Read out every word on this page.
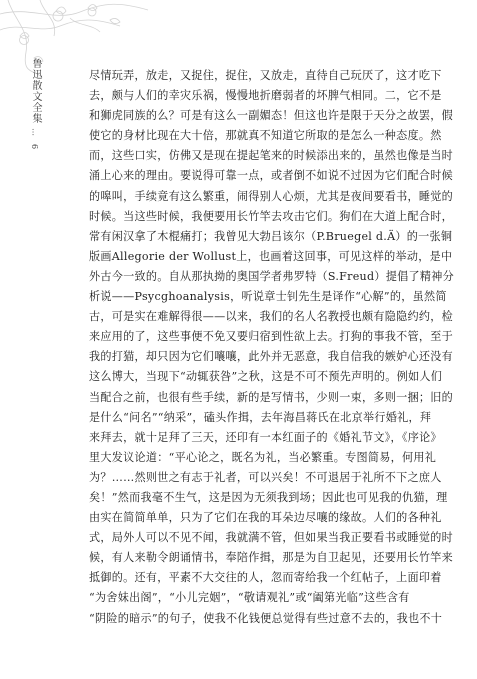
鲁迅散文全集
…
6
尽情玩弄，放走，又捉住，捉住，又放走，直待自己玩厌了，这才吃下
去，颇与人们的幸灾乐祸，慢慢地折磨弱者的坏脾气相同。二，它不是
和狮虎同族的么？可是有这么一副媚态！但这也许是限于天分之故罢，假
使它的身材比现在大十倍，那就真不知道它所取的是怎么一种态度。然
而，这些口实，仿佛又是现在提起笔来的时候添出来的，虽然也像是当时
涌上心来的理由。要说得可靠一点，或者倒不如说不过因为它们配合时候
的嗥叫，手续竟有这么繁重，闹得别人心烦，尤其是夜间要看书，睡觉的
时候。当这些时候，我便要用长竹竿去攻击它们。狗们在大道上配合时，
常有闲汉拿了木棍痛打；我曾见大勃吕该尔（P.Bruegel d.Ä）的一张铜
版画Allegorie der Wollust上，也画着这回事，可见这样的举动，是中
外古今一致的。自从那执拗的奥国学者弗罗特（S.Freud）提倡了精神分
析说——Psycghoanalysis，听说章士钊先生是译作“心解”的，虽然简
古，可是实在难解得很——以来，我们的名人名教授也颇有隐隐约约，检
来应用的了，这些事便不免又要归宿到性欲上去。打狗的事我不管，至于
我的打猫，却只因为它们嚷嚷，此外并无恶意，我自信我的嫉妒心还没有
这么博大，当现下“动辄获咎”之秋，这是不可不预先声明的。例如人们
当配合之前，也很有些手续，新的是写情书，少则一束，多则一捆；旧的
是什么“问名”“纳采”，磕头作揖，去年海昌蒋氏在北京举行婚礼，拜
来拜去，就十足拜了三天，还印有一本红面子的《婚礼节文》，《序论》
里大发议论道：“平心论之，既名为礼，当必繁重。专图简易，何用礼
为？……然则世之有志于礼者，可以兴矣！不可退居于礼所不下之庶人
矣！”然而我毫不生气，这是因为无须我到场；因此也可见我的仇猫，理
由实在简简单单，只为了它们在我的耳朵边尽嚷的缘故。人们的各种礼
式，局外人可以不见不闻，我就满不管，但如果当我正要看书或睡觉的时
候，有人来勒令朗诵情书，奉陪作揖，那是为自卫起见，还要用长竹竿来
抵御的。还有，平素不大交往的人，忽而寄给我一个红帖子，上面印着
“为舍妹出阁”，“小儿完姻”，“敬请观礼”或“阖第光临”这些含有
“阴险的暗示”的句子，使我不化钱便总觉得有些过意不去的，我也不十
